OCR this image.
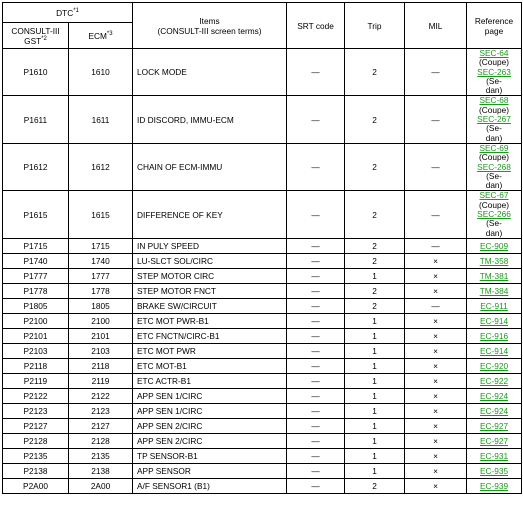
DTC$^{*1}$		Items
(CONSULT-III screen terms)	SRT code	Trip	MIL	Reference page
CONSULT-III GST$^{*2}$	ECM$^{*3}$
P1610	1610	LOCK MODE	—	2	—	SEC-64
(Coupe)
SEC-263
(Se-
dan)

P1611	1611	ID DISCORD, IMMU-ECM	—	2	—	SEC-68
(Coupe)
SEC-267
(Se-
dan)

P1612	1612	CHAIN OF ECM-IMMU	—	2	—	SEC-69
(Coupe)
SEC-268
(Se-
dan)

P1615	1615	DIFFERENCE OF KEY	—	2	—	SEC-67
(Coupe)
SEC-266
(Se-
dan)

P1715	1715	IN PULY SPEED	—	2	—	EC-909
P1740	1740	LU-SLCT SOL/CIRC	—	2	×	TM-358
P1777	1777	STEP MOTOR CIRC	—	1	×	TM-381
P1778	1778	STEP MOTOR FNCT	—	2	×	TM-384
P1805	1805	BRAKE SW/CIRCUIT	—	2	—	EC-911
P2100	2100	ETC MOT PWR-B1	—	1	×	EC-914
P2101	2101	ETC FNCTN/CIRC-B1	—	1	×	EC-916
P2103	2103	ETC MOT PWR	—	1	×	EC-914
P2118	2118	ETC MOT-B1	—	1	×	EC-920
P2119	2119	ETC ACTR-B1	—	1	×	EC-922
P2122	2122	APP SEN 1/CIRC	—	1	×	EC-924
P2123	2123	APP SEN 1/CIRC	—	1	×	EC-924
P2127	2127	APP SEN 2/CIRC	—	1	×	EC-927
P2128	2128	APP SEN 2/CIRC	—	1	×	EC-927
P2135	2135	TP SENSOR-B1	—	1	×	EC-931
P2138	2138	APP SENSOR	—	1	×	EC-935
P2A00	2A00	A/F SENSOR1 (B1)	—	2	×	EC-939
